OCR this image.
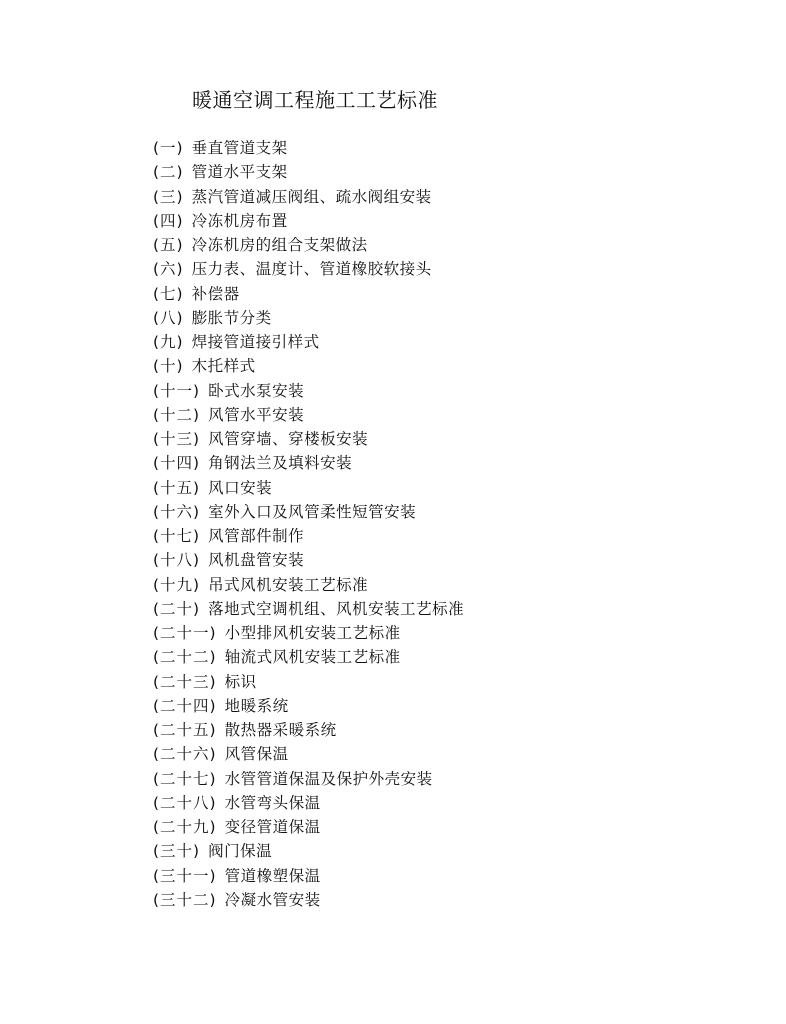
暖通空调工程施工工艺标准
(一) 垂直管道支架
(二) 管道水平支架
(三) 蒸汽管道减压阀组、疏水阀组安装
(四) 冷冻机房布置
(五) 冷冻机房的组合支架做法
(六) 压力表、温度计、管道橡胶软接头
(七) 补偿器
(八) 膨胀节分类
(九) 焊接管道接引样式
(十) 木托样式
(十一) 卧式水泵安装
(十二) 风管水平安装
(十三) 风管穿墙、穿楼板安装
(十四) 角钢法兰及填料安装
(十五) 风口安装
(十六) 室外入口及风管柔性短管安装
(十七) 风管部件制作
(十八) 风机盘管安装
(十九) 吊式风机安装工艺标准
(二十) 落地式空调机组、风机安装工艺标准
(二十一) 小型排风机安装工艺标准
(二十二) 轴流式风机安装工艺标准
(二十三) 标识
(二十四) 地暖系统
(二十五) 散热器采暖系统
(二十六) 风管保温
(二十七) 水管管道保温及保护外壳安装
(二十八) 水管弯头保温
(二十九) 变径管道保温
(三十) 阀门保温
(三十一) 管道橡塑保温
(三十二) 冷凝水管安装
